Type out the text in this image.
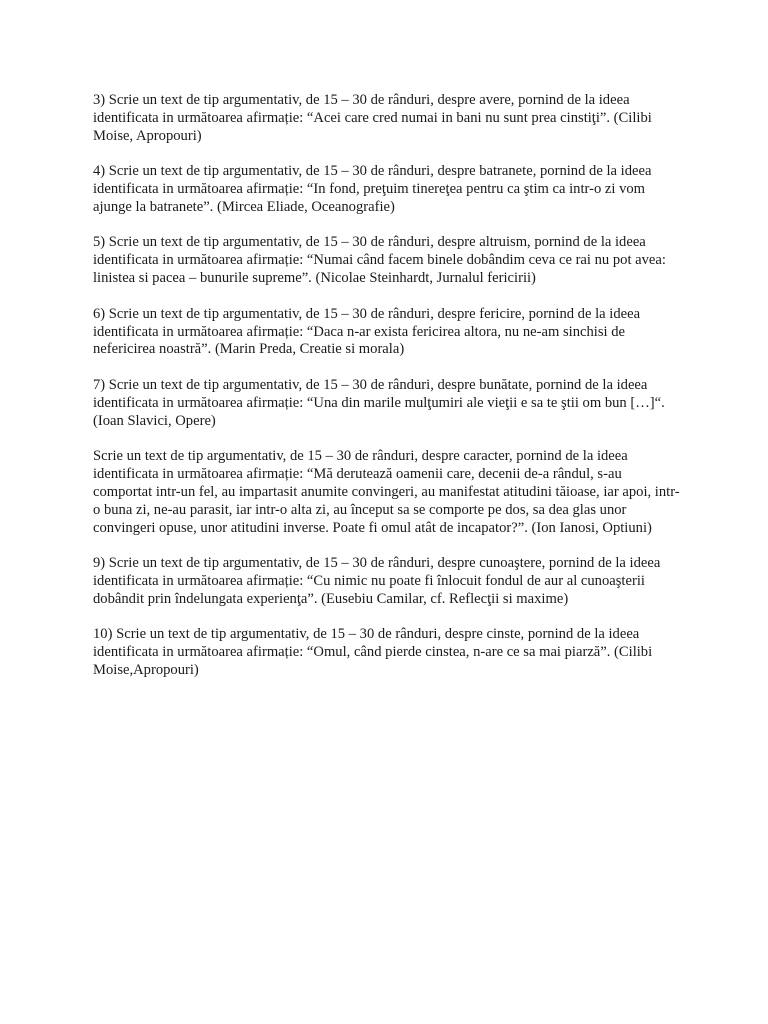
3) Scrie un text de tip argumentativ, de 15 – 30 de rânduri, despre avere, pornind de la ideea identificata in următoarea afirmație: “Acei care cred numai in bani nu sunt prea cinstiţi”. (Cilibi Moise, Apropouri)

4) Scrie un text de tip argumentativ, de 15 – 30 de rânduri, despre batranete, pornind de la ideea identificata in următoarea afirmație: “In fond, preţuim tinereţea pentru ca ştim ca intr-o zi vom ajunge la batranete”. (Mircea Eliade, Oceanografie)

5) Scrie un text de tip argumentativ, de 15 – 30 de rânduri, despre altruism, pornind de la ideea identificata in următoarea afirmație: “Numai când facem binele dobândim ceva ce rai nu pot avea: linistea si pacea – bunurile supreme”. (Nicolae Steinhardt, Jurnalul fericirii)

6) Scrie un text de tip argumentativ, de 15 – 30 de rânduri, despre fericire, pornind de la ideea identificata in următoarea afirmație: “Daca n-ar exista fericirea altora, nu ne-am sinchisi de nefericirea noastră”. (Marin Preda, Creatie si morala)

7) Scrie un text de tip argumentativ, de 15 – 30 de rânduri, despre bunătate, pornind de la ideea identificata in următoarea afirmație: “Una din marile mulţumiri ale vieţii e sa te ştii om bun […]“. (Ioan Slavici, Opere)

Scrie un text de tip argumentativ, de 15 – 30 de rânduri, despre caracter, pornind de la ideea identificata in următoarea afirmație: “Mă derutează oamenii care, decenii de-a rândul, s-au comportat intr-un fel, au impartasit anumite convingeri, au manifestat atitudini tăioase, iar apoi, intr-o buna zi, ne-au parasit, iar intr-o alta zi, au început sa se comporte pe dos, sa dea glas unor convingeri opuse, unor atitudini inverse. Poate fi omul atât de incapator?”. (Ion Ianosi, Optiuni)

9) Scrie un text de tip argumentativ, de 15 – 30 de rânduri, despre cunoaştere, pornind de la ideea identificata in următoarea afirmație: “Cu nimic nu poate fi înlocuit fondul de aur al cunoaşterii dobândit prin îndelungata experienţa”. (Eusebiu Camilar, cf. Reflecţii si maxime)

10) Scrie un text de tip argumentativ, de 15 – 30 de rânduri, despre cinste, pornind de la ideea identificata in următoarea afirmație: “Omul, când pierde cinstea, n-are ce sa mai piarză”. (Cilibi Moise,Apropouri)
